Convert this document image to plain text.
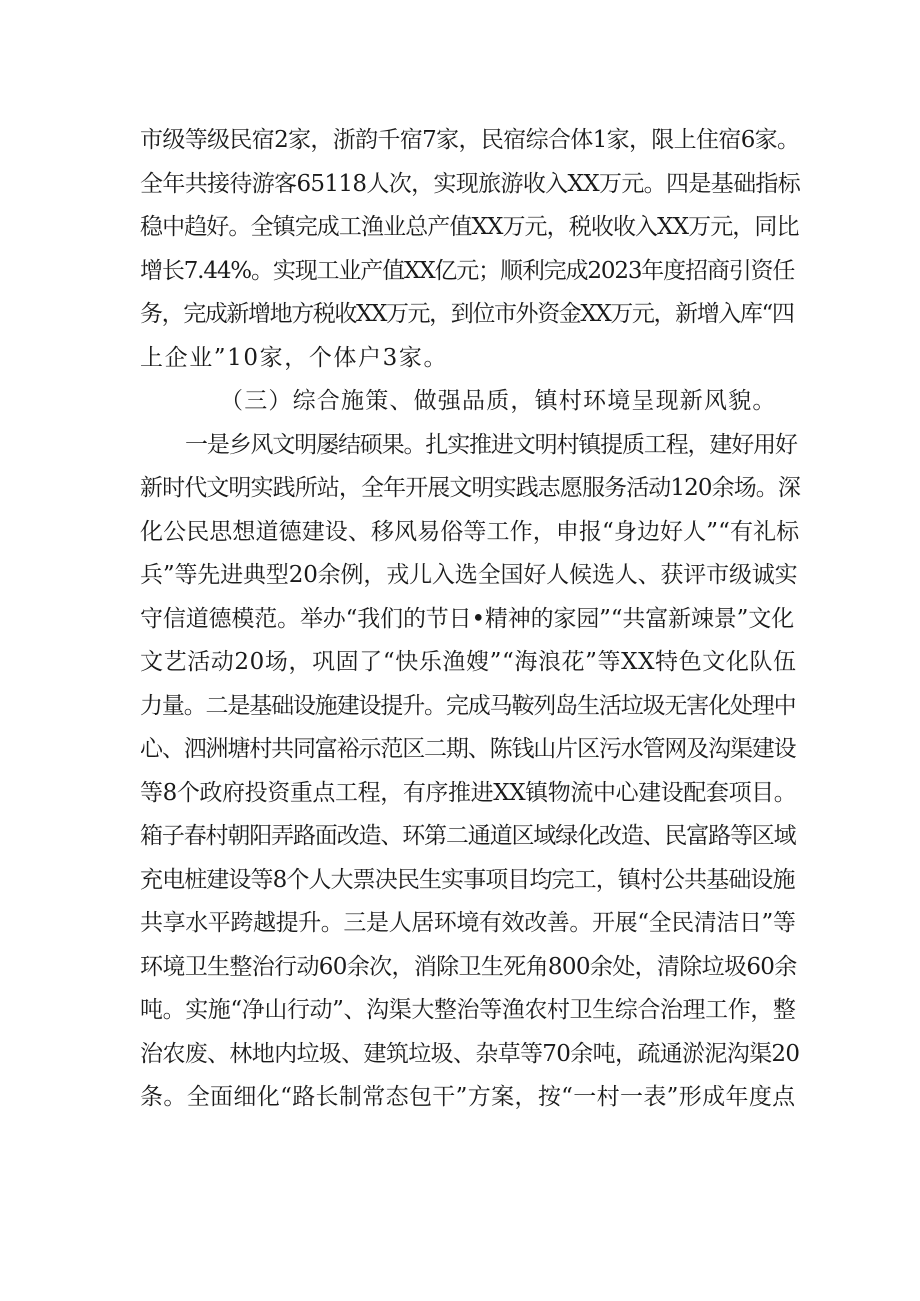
市级等级民宿2家，浙韵千宿7家，民宿综合体1家，限上住宿6家。
全年共接待游客65118人次，实现旅游收入XX万元。四是基础指标
稳中趋好。全镇完成工渔业总产值XX万元，税收收入XX万元，同比
增长7.44%。实现工业产值XX亿元；顺利完成2023年度招商引资任
务，完成新增地方税收XX万元，到位市外资金XX万元，新增入库“四
上企业”10家，个体户3家。
（三）综合施策、做强品质，镇村环境呈现新风貌。
一是乡风文明屡结硕果。扎实推进文明村镇提质工程，建好用好
新时代文明实践所站，全年开展文明实践志愿服务活动120余场。深
化公民思想道德建设、移风易俗等工作，申报“身边好人”“有礼标
兵”等先进典型20余例，戎儿入选全国好人候选人、获评市级诚实
守信道德模范。举办“我们的节日•精神的家园”“共富新竦景”文化
文艺活动20场，巩固了“快乐渔嫂”“海浪花”等XX特色文化队伍
力量。二是基础设施建设提升。完成马鞍列岛生活垃圾无害化处理中
心、泗洲塘村共同富裕示范区二期、陈钱山片区污水管网及沟渠建设
等8个政府投资重点工程，有序推进XX镇物流中心建设配套项目。
箱子春村朝阳弄路面改造、环第二通道区域绿化改造、民富路等区域
充电桩建设等8个人大票决民生实事项目均完工，镇村公共基础设施
共享水平跨越提升。三是人居环境有效改善。开展“全民清洁日”等
环境卫生整治行动60余次，消除卫生死角800余处，清除垃圾60余
吨。实施“净山行动”、沟渠大整治等渔农村卫生综合治理工作，整
治农废、林地内垃圾、建筑垃圾、杂草等70余吨，疏通淤泥沟渠20
条。全面细化“路长制常态包干”方案，按“一村一表”形成年度点
